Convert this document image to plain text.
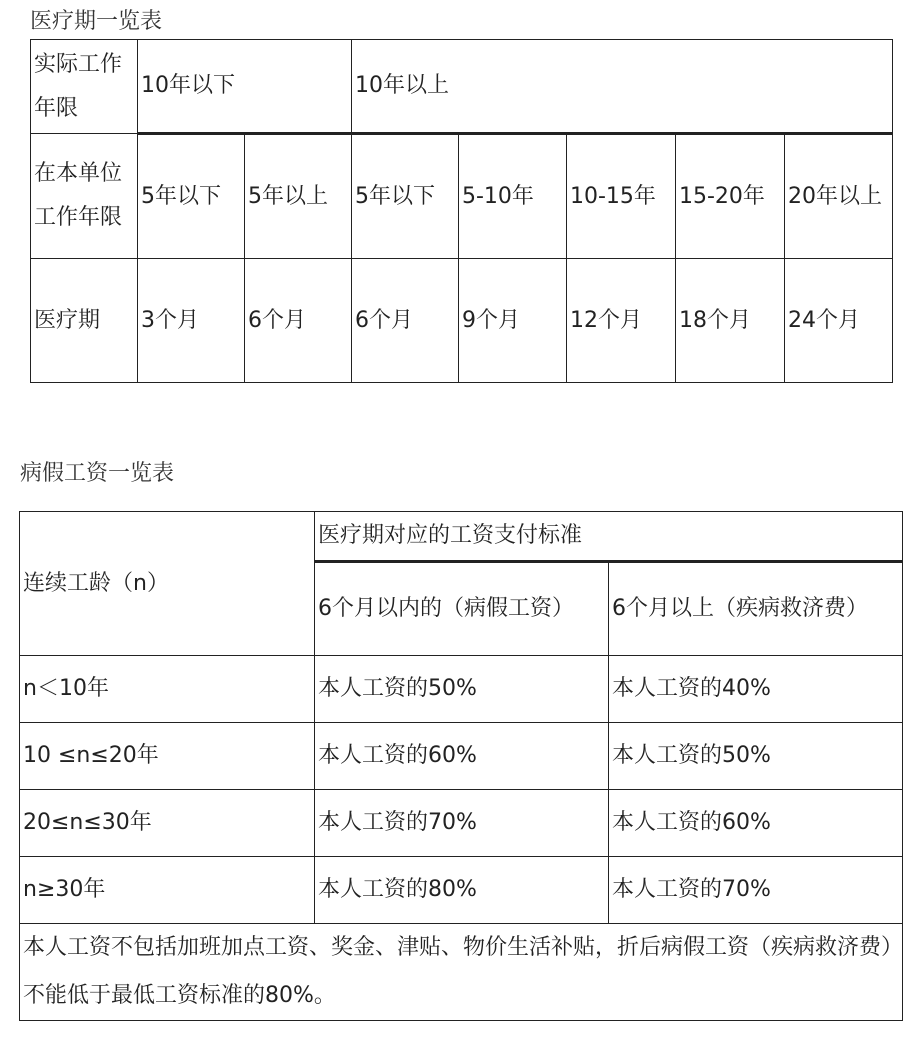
医疗期一览表
实际工作年限	10年以下		10年以上				
在本单位工作年限	5年以下	5年以上	5年以下	5-10年	10-15年	15-20年	20年以上
医疗期	3个月	6个月	6个月	9个月	12个月	18个月	24个月
病假工资一览表
连续工龄（n）	医疗期对应的工资支付标准	
	6个月以内的（病假工资）	6个月以上（疾病救济费）
n＜10年	本人工资的50%	本人工资的40%
10 ≤n≤20年	本人工资的60%	本人工资的50%
20≤n≤30年	本人工资的70%	本人工资的60%
n≥30年	本人工资的80%	本人工资的70%
本人工资不包括加班加点工资、奖金、津贴、物价生活补贴，折后病假工资（疾病救济费）不能低于最低工资标准的80%。		
